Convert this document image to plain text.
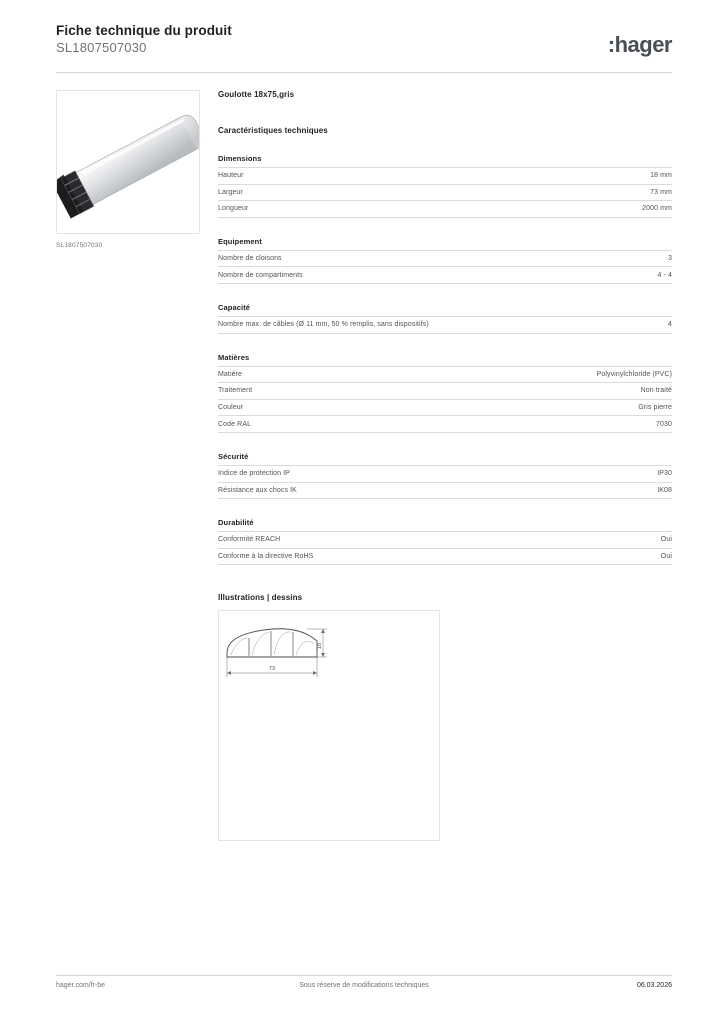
Fiche technique du produit
SL1807507030	:hager
SL1807507030
Goulotte 18x75,gris
Caractéristiques techniques
Dimensions
Hauteur	18 mm
Largeur	73 mm
Longueur	2000 mm
Equipement
Nombre de cloisons	3
Nombre de compartiments	4 - 4
Capacité
Nombre max. de câbles (Ø 11 mm, 50 % remplis, sans dispositifs)	4
Matières
Matière	Polyvinylchloride (PVC)
Traitement	Non traité
Couleur	Gris pierre
Code RAL	7030
Sécurité
Indice de protection IP	IP30
Résistance aux chocs IK	IK08
Durabilité
Conformité REACH	Oui
Conforme à la directive RoHS	Oui
Illustrations | dessins
18
73
hager.com/fr-be	Sous réserve de modifications techniques	06.03.2026
